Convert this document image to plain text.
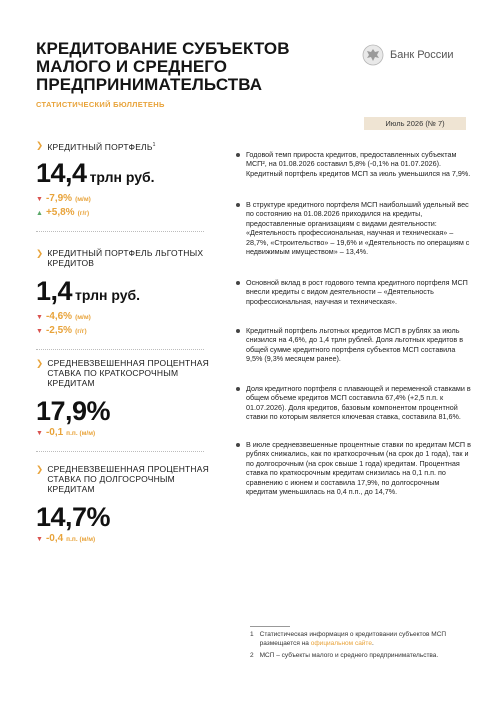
КРЕДИТОВАНИЕ СУБЪЕКТОВ
МАЛОГО И СРЕДНЕГО
ПРЕДПРИНИМАТЕЛЬСТВА
СТАТИСТИЧЕСКИЙ БЮЛЛЕТЕНЬ
Банк России
Июль 2026 (№ 7)
❯ КРЕДИТНЫЙ ПОРТФЕЛЬ$^1$
14,4 трлн руб.
▼ -7,9% (м/м)
▲ +5,8% (г/г)
❯ КРЕДИТНЫЙ ПОРТФЕЛЬ ЛЬГОТНЫХ КРЕДИТОВ
1,4 трлн руб.
▼ -4,6% (м/м)
▼ -2,5% (г/г)
❯ СРЕДНЕВЗВЕШЕННАЯ ПРОЦЕНТНАЯ СТАВКА ПО КРАТКОСРОЧНЫМ КРЕДИТАМ
17,9%
▼ -0,1 п.п. (м/м)
❯ СРЕДНЕВЗВЕШЕННАЯ ПРОЦЕНТНАЯ СТАВКА ПО ДОЛГОСРОЧНЫМ КРЕДИТАМ
14,7%
▼ -0,4 п.п. (м/м)
Годовой темп прироста кредитов, предоставленных субъектам МСП², на 01.08.2026 составил 5,8% (-0,1% на 01.07.2026). Кредитный портфель кредитов МСП за июль уменьшился на 7,9%.
В структуре кредитного портфеля МСП наибольший удельный вес по состоянию на 01.08.2026 приходился на кредиты, предоставленные организациям с видами деятельности: «Деятельность профессиональная, научная и техническая» – 28,7%, «Строительство» – 19,6% и «Деятельность по операциям с недвижимым имуществом» – 13,4%.
Основной вклад в рост годового темпа кредитного портфеля МСП внесли кредиты с видом деятельности – «Деятельность профессиональная, научная и техническая».
Кредитный портфель льготных кредитов МСП в рублях за июль снизился на 4,6%, до 1,4 трлн рублей. Доля льготных кредитов в общей сумме кредитного портфеля субъектов МСП составила 9,5% (9,3% месяцем ранее).
Доля кредитного портфеля с плавающей и переменной ставками в общем объеме кредитов МСП составила 67,4% (+2,5 п.п. к 01.07.2026). Доля кредитов, базовым компонентом процентной ставки по которым является ключевая ставка, составила 81,6%.
В июле средневзвешенные процентные ставки по кредитам МСП в рублях снижались, как по краткосрочным (на срок до 1 года), так и по долгосрочным (на срок свыше 1 года) кредитам. Процентная ставка по краткосрочным кредитам снизилась на 0,1 п.п. по сравнению с июнем и составила 17,9%, по долгосрочным кредитам уменьшилась на 0,4 п.п., до 14,7%.
1 Статистическая информация о кредитовании субъектов МСП размещается на официальном сайте.
2 МСП – субъекты малого и среднего предпринимательства.
